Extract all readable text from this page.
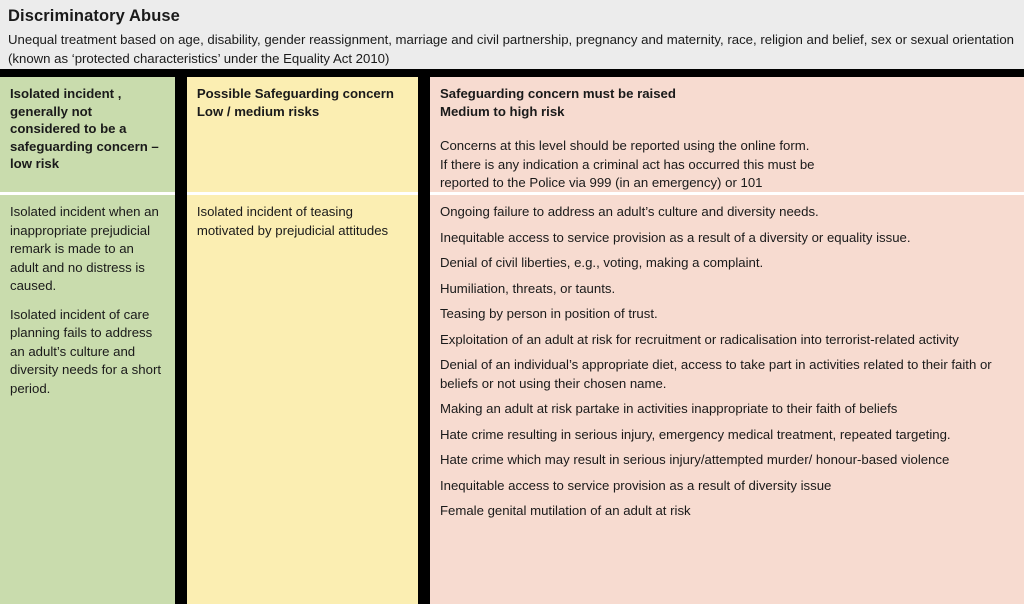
Discriminatory Abuse
Unequal treatment based on age, disability, gender reassignment, marriage and civil partnership, pregnancy and maternity, race, religion and belief, sex or sexual orientation (known as ‘protected characteristics’ under the Equality Act 2010)
Isolated incident , generally not considered to be a safeguarding concern – low risk

Isolated incident when an inappropriate prejudicial remark is made to an adult and no distress is caused.

Isolated incident of care planning fails to address an adult’s culture and diversity needs for a short period.

Possible Safeguarding concern Low / medium risks

Isolated incident of teasing motivated by prejudicial attitudes

Safeguarding concern must be raised
Medium to high risk
Concerns at this level should be reported using the online form.
If there is any indication a criminal act has occurred this must be
reported to the Police via 999 (in an emergency) or 101
Ongoing failure to address an adult’s culture and diversity needs.
Inequitable access to service provision as a result of a diversity or equality issue.
Denial of civil liberties, e.g., voting, making a complaint.
Humiliation, threats, or taunts.
Teasing by person in position of trust.
Exploitation of an adult at risk for recruitment or radicalisation into terrorist-related activity
Denial of an individual’s appropriate diet, access to take part in activities related to their faith or beliefs or not using their chosen name.
Making an adult at risk partake in activities inappropriate to their faith of beliefs
Hate crime resulting in serious injury, emergency medical treatment, repeated targeting.
Hate crime which may result in serious injury/attempted murder/ honour-based violence
Inequitable access to service provision as a result of diversity issue
Female genital mutilation of an adult at risk
